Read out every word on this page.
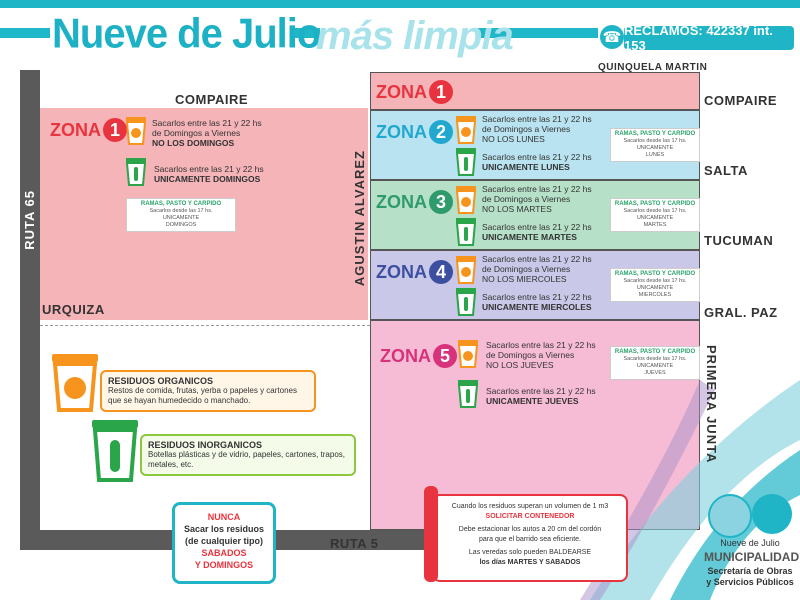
Nueve de Julio
más limpia	☎ RECLAMOS: 422337 int. 153
COMPAIRE
QUINQUELA MARTIN
COMPAIRE
SALTA
TUCUMAN
GRAL. PAZ
URQUIZA
RUTA 5
RUTA 65	AGUSTIN ALVAREZ
PRIMERA JUNTA
ZONA 1
ZONA 1	Sacarlos entre las 21 y 22 hs
de Domingos a Viernes
NO LOS DOMINGOS
Sacarlos entre las 21 y 22 hs
UNICAMENTE DOMINGOS
RAMAS, PASTO Y CARPIDO
Sacarlos desde las 17 hs.
UNICAMENTE
DOMINGOS
ZONA 2
Sacarlos entre las 21 y 22 hs
de Domingos a Viernes
NO LOS LUNES
Sacarlos entre las 21 y 22 hs
UNICAMENTE LUNES
RAMAS, PASTO Y CARPIDO
Sacarlos desde las 17 hs.
UNICAMENTE
LUNES
ZONA 3
Sacarlos entre las 21 y 22 hs
de Domingos a Viernes
NO LOS MARTES
Sacarlos entre las 21 y 22 hs
UNICAMENTE MARTES
RAMAS, PASTO Y CARPIDO
Sacarlos desde las 17 hs.
UNICAMENTE
MARTES
ZONA 4
Sacarlos entre las 21 y 22 hs
de Domingos a Viernes
NO LOS MIERCOLES
Sacarlos entre las 21 y 22 hs
UNICAMENTE MIERCOLES
RAMAS, PASTO Y CARPIDO
Sacarlos desde las 17 hs.
UNICAMENTE
MIERCOLES
ZONA 5
Sacarlos entre las 21 y 22 hs
de Domingos a Viernes
NO LOS JUEVES
Sacarlos entre las 21 y 22 hs
UNICAMENTE JUEVES
RAMAS, PASTO Y CARPIDO
Sacarlos desde las 17 hs.
UNICAMENTE
JUEVES
RESIDUOS ORGANICOS
Restos de comida, frutas, yerba o papeles y cartones que se hayan humedecido o manchado.
RESIDUOS INORGANICOS
Botellas plásticas y de vidrio, papeles, cartones, trapos, metales, etc.
NUNCA
Sacar los residuos
(de cualquier tipo)
SABADOS
Y DOMINGOS
Cuando los residuos superan un volumen de 1 m3
SOLICITAR CONTENEDOR
Debe estacionar los autos a 20 cm del cordón
para que el barrido sea eficiente.
Las veredas solo pueden BALDEARSE
los días MARTES Y SABADOS
Nueve de Julio
MUNICIPALIDAD
Secretaría de Obras
y Servicios Públicos
